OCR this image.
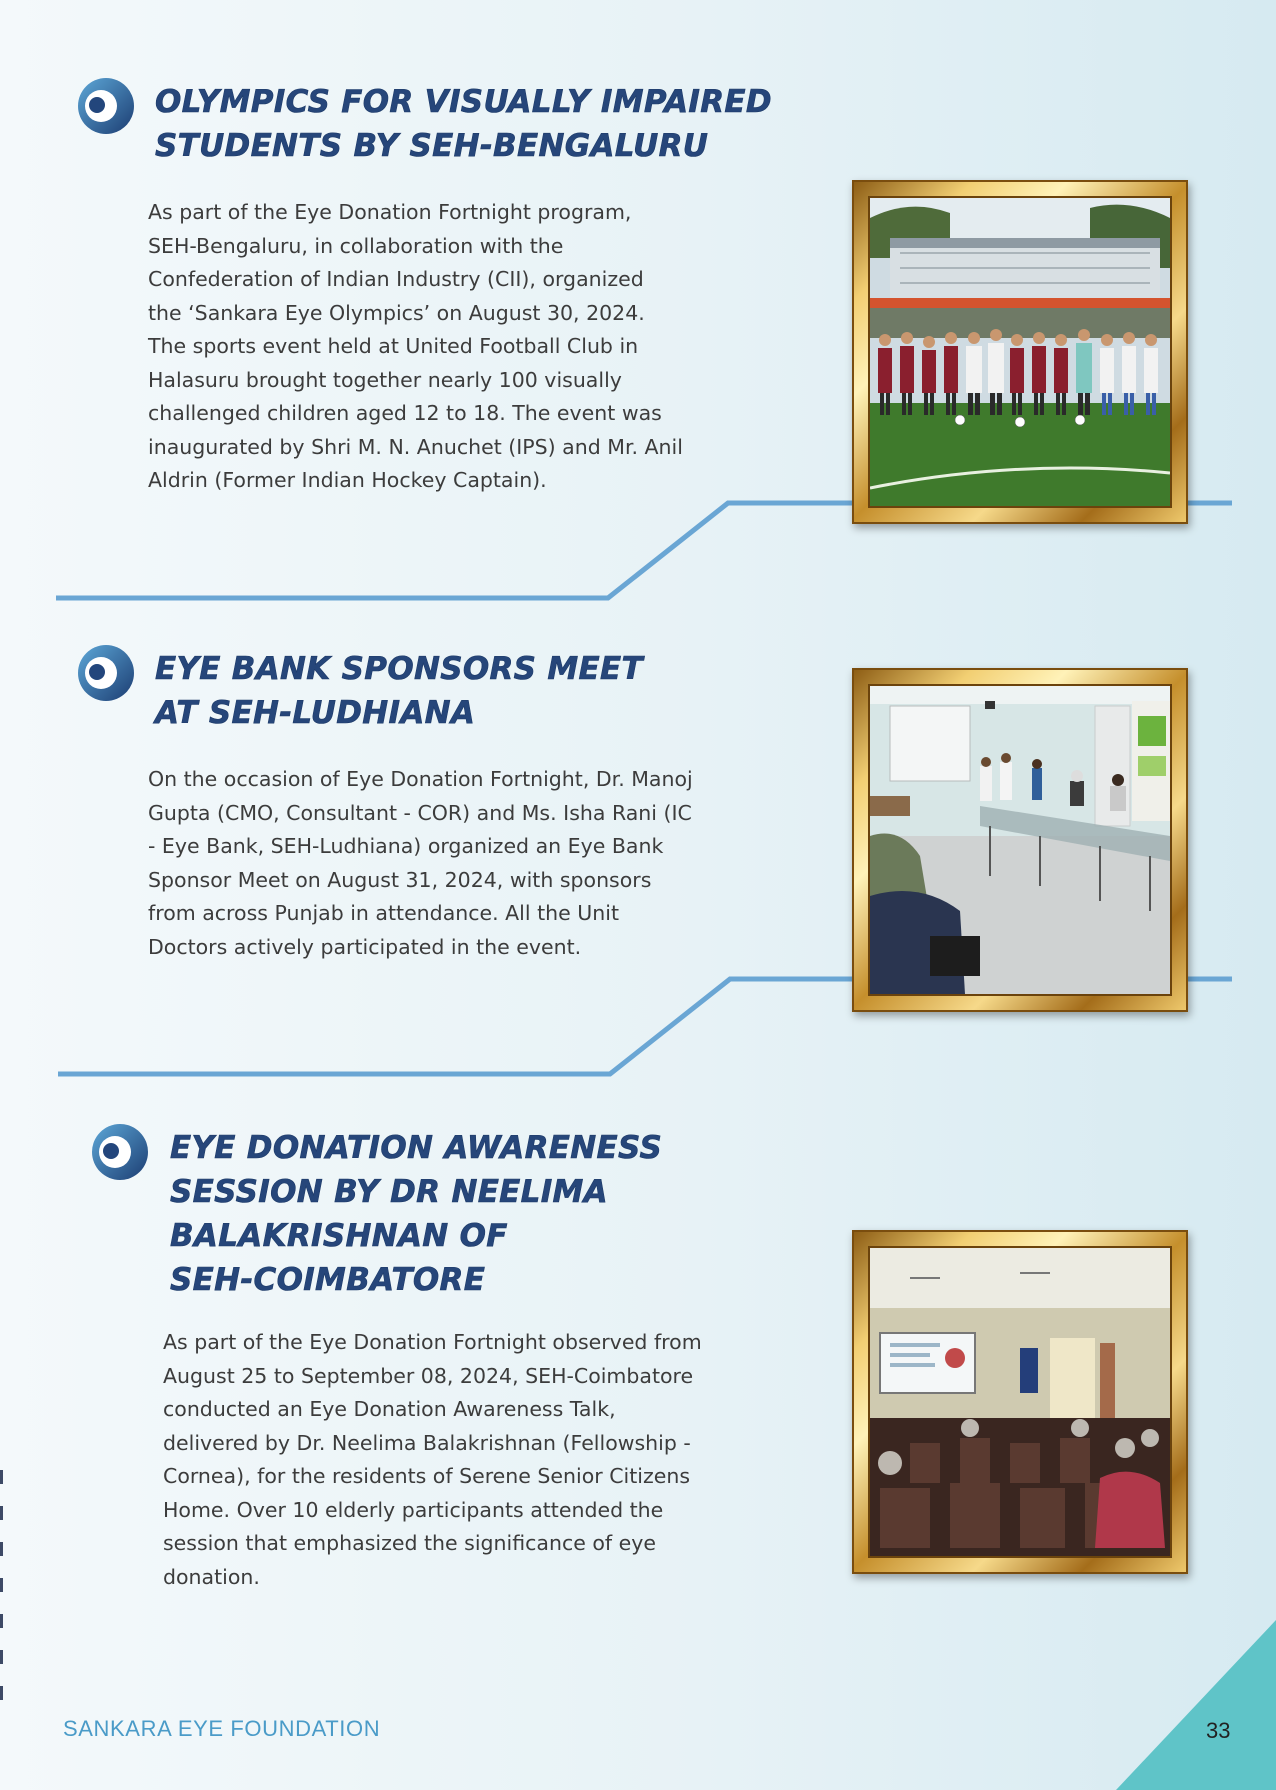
OLYMPICS FOR VISUALLY IMPAIRED
STUDENTS BY SEH-BENGALURU

As part of the Eye Donation Fortnight program, SEH-Bengaluru, in collaboration with the Confederation of Indian Industry (CII), organized the ‘Sankara Eye Olympics’ on August 30, 2024. The sports event held at United Football Club in Halasuru brought together nearly 100 visually challenged children aged 12 to 18. The event was inaugurated by Shri M. N. Anuchet (IPS) and Mr. Anil Aldrin (Former Indian Hockey Captain).

EYE BANK SPONSORS MEET
AT SEH-LUDHIANA

On the occasion of Eye Donation Fortnight, Dr. Manoj Gupta (CMO, Consultant - COR) and Ms. Isha Rani (IC - Eye Bank, SEH-Ludhiana) organized an Eye Bank Sponsor Meet on August 31, 2024, with sponsors from across Punjab in attendance. All the Unit Doctors actively participated in the event.

EYE DONATION AWARENESS
SESSION BY DR NEELIMA
BALAKRISHNAN OF
SEH-COIMBATORE

As part of the Eye Donation Fortnight observed from August 25 to September 08, 2024, SEH-Coimbatore conducted an Eye Donation Awareness Talk, delivered by Dr. Neelima Balakrishnan (Fellowship - Cornea), for the residents of Serene Senior Citizens Home. Over 10 elderly participants attended the session that emphasized the significance of eye donation.

SANKARA EYE FOUNDATION	33
